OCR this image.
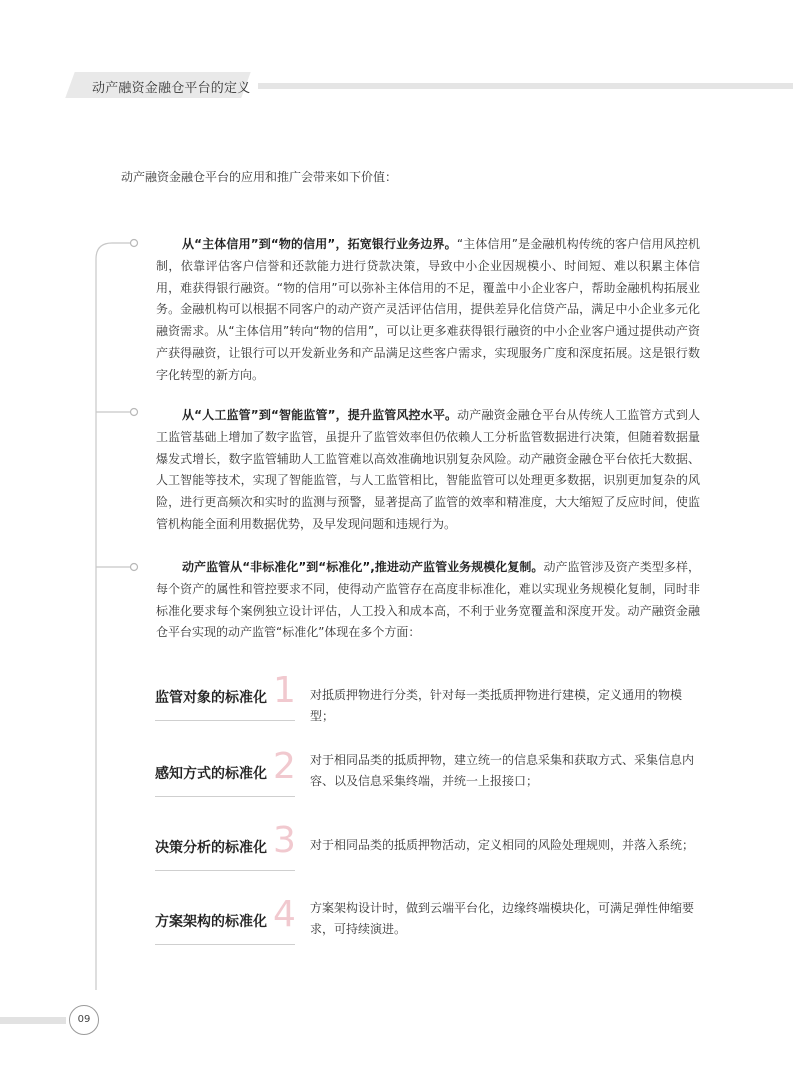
动产融资金融仓平台的定义
动产融资金融仓平台的应用和推广会带来如下价值：
从“主体信用”到“物的信用”，拓宽银行业务边界。“主体信用”是金融机构传统的客户信用风控机制，依靠评估客户信誉和还款能力进行贷款决策，导致中小企业因规模小、时间短、难以积累主体信用，难获得银行融资。“物的信用”可以弥补主体信用的不足，覆盖中小企业客户，帮助金融机构拓展业务。金融机构可以根据不同客户的动产资产灵活评估信用，提供差异化信贷产品，满足中小企业多元化融资需求。从“主体信用”转向“物的信用”，可以让更多难获得银行融资的中小企业客户通过提供动产资产获得融资，让银行可以开发新业务和产品满足这些客户需求，实现服务广度和深度拓展。这是银行数字化转型的新方向。
从“人工监管”到“智能监管”，提升监管风控水平。动产融资金融仓平台从传统人工监管方式到人工监管基础上增加了数字监管，虽提升了监管效率但仍依赖人工分析监管数据进行决策，但随着数据量爆发式增长，数字监管辅助人工监管难以高效准确地识别复杂风险。动产融资金融仓平台依托大数据、人工智能等技术，实现了智能监管，与人工监管相比，智能监管可以处理更多数据，识别更加复杂的风险，进行更高频次和实时的监测与预警，显著提高了监管的效率和精准度，大大缩短了反应时间，使监管机构能全面利用数据优势，及早发现问题和违规行为。
动产监管从“非标准化”到“标准化”,推进动产监管业务规模化复制。动产监管涉及资产类型多样，每个资产的属性和管控要求不同，使得动产监管存在高度非标准化，难以实现业务规模化复制，同时非标准化要求每个案例独立设计评估，人工投入和成本高，不利于业务宽覆盖和深度开发。动产融资金融仓平台实现的动产监管“标准化”体现在多个方面：
监管对象的标准化 1 对抵质押物进行分类，针对每一类抵质押物进行建模，定义通用的物模型；
感知方式的标准化 2 对于相同品类的抵质押物，建立统一的信息采集和获取方式、采集信息内容、以及信息采集终端，并统一上报接口；
决策分析的标准化 3 对于相同品类的抵质押物活动，定义相同的风险处理规则，并落入系统；
方案架构的标准化 4 方案架构设计时，做到云端平台化，边缘终端模块化，可满足弹性伸缩要求，可持续演进。
09
